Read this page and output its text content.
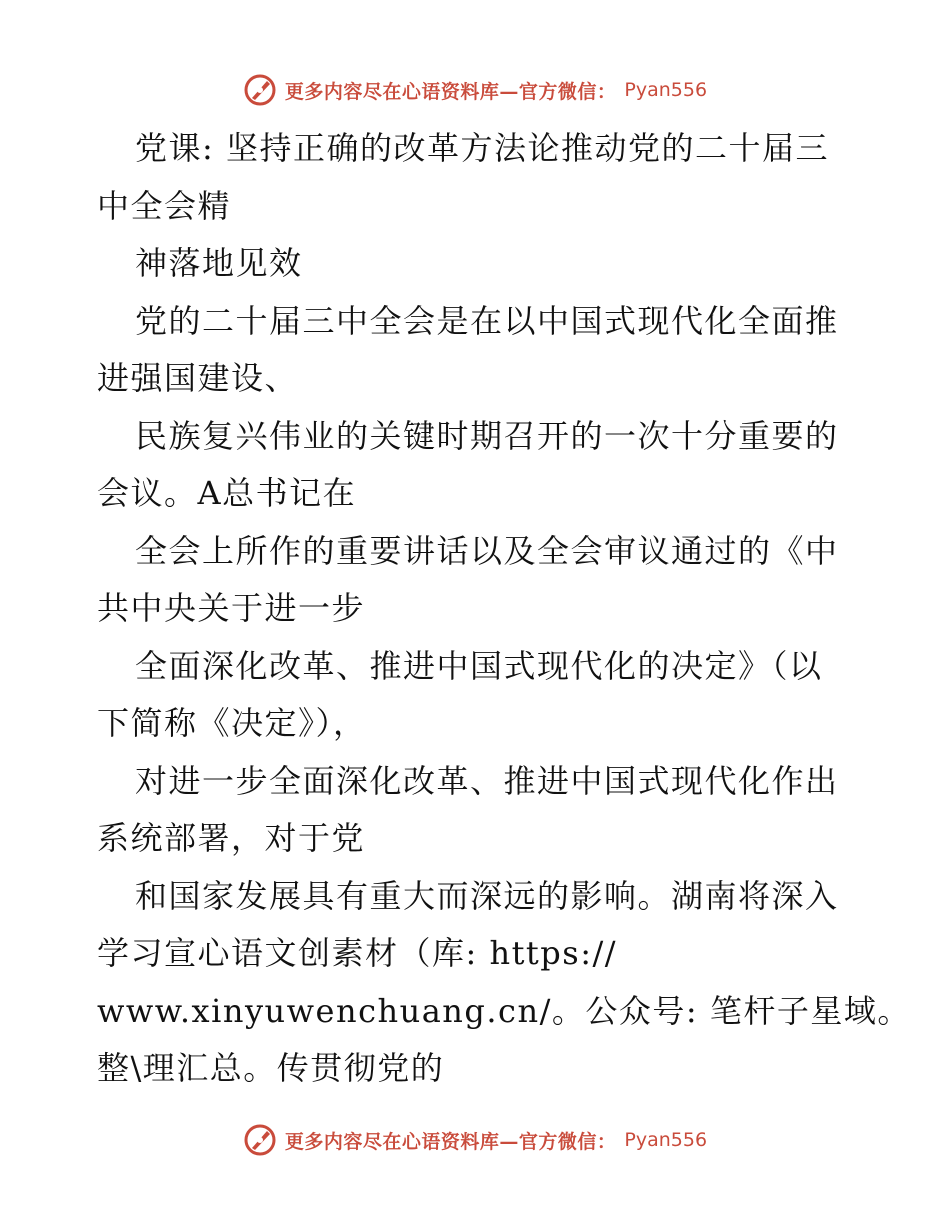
更多内容尽在心语资料库—官方微信： Pyan556

党课: 坚持正确的改革方法论推动党的二十届三

中全会精

神落地见效

党的二十届三中全会是在以中国式现代化全面推

进强国建设、

民族复兴伟业的关键时期召开的一次十分重要的

会议。A总书记在

全会上所作的重要讲话以及全会审议通过的《中

共中央关于进一步

全面深化改革、推进中国式现代化的决定》（以

下简称《决定》），

对进一步全面深化改革、推进中国式现代化作出

系统部署，对于党

和国家发展具有重大而深远的影响。湖南将深入

学习宣心语文创素材（库: https://

www.xinyuwenchuang.cn/。公众号: 笔杆子星域。

整\理汇总。传贯彻党的

更多内容尽在心语资料库—官方微信： Pyan556
